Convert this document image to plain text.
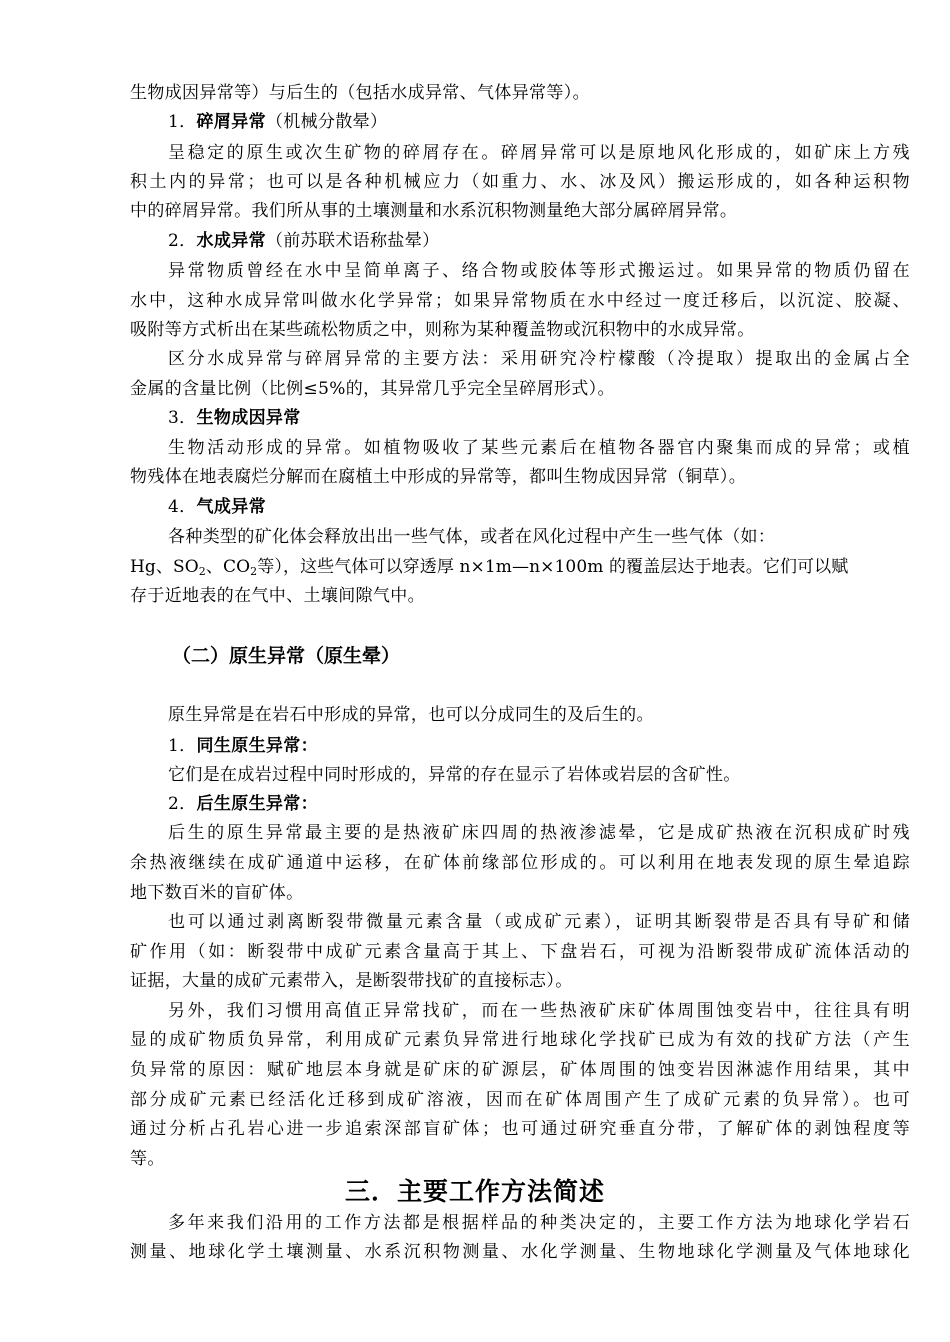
生物成因异常等）与后生的（包括水成异常、气体异常等）。
1．碎屑异常（机械分散晕）
呈稳定的原生或次生矿物的碎屑存在。碎屑异常可以是原地风化形成的，如矿床上方残
积土内的异常；也可以是各种机械应力（如重力、水、冰及风）搬运形成的，如各种运积物
中的碎屑异常。我们所从事的土壤测量和水系沉积物测量绝大部分属碎屑异常。
2．水成异常（前苏联术语称盐晕）
异常物质曾经在水中呈简单离子、络合物或胶体等形式搬运过。如果异常的物质仍留在
水中，这种水成异常叫做水化学异常；如果异常物质在水中经过一度迁移后，以沉淀、胶凝、
吸附等方式析出在某些疏松物质之中，则称为某种覆盖物或沉积物中的水成异常。
区分水成异常与碎屑异常的主要方法：采用研究冷柠檬酸（冷提取）提取出的金属占全
金属的含量比例（比例≤5%的，其异常几乎完全呈碎屑形式）。
3．生物成因异常
生物活动形成的异常。如植物吸收了某些元素后在植物各器官内聚集而成的异常；或植
物残体在地表腐烂分解而在腐植土中形成的异常等，都叫生物成因异常（铜草）。
4．气成异常
各种类型的矿化体会释放出出一些气体，或者在风化过程中产生一些气体（如：
Hg、$SO_2$、$CO_2$等），这些气体可以穿透厚 n×1m—n×100m 的覆盖层达于地表。它们可以赋
存于近地表的在气中、土壤间隙气中。
（二）原生异常（原生晕）
原生异常是在岩石中形成的异常，也可以分成同生的及后生的。
1．同生原生异常：
它们是在成岩过程中同时形成的，异常的存在显示了岩体或岩层的含矿性。
2．后生原生异常：
后生的原生异常最主要的是热液矿床四周的热液渗滤晕，它是成矿热液在沉积成矿时残
余热液继续在成矿通道中运移，在矿体前缘部位形成的。可以利用在地表发现的原生晕追踪
地下数百米的盲矿体。
也可以通过剥离断裂带微量元素含量（或成矿元素），证明其断裂带是否具有导矿和储
矿作用（如：断裂带中成矿元素含量高于其上、下盘岩石，可视为沿断裂带成矿流体活动的
证据，大量的成矿元素带入，是断裂带找矿的直接标志）。
另外，我们习惯用高值正异常找矿，而在一些热液矿床矿体周围蚀变岩中，往往具有明
显的成矿物质负异常，利用成矿元素负异常进行地球化学找矿已成为有效的找矿方法（产生
负异常的原因：赋矿地层本身就是矿床的矿源层，矿体周围的蚀变岩因淋滤作用结果，其中
部分成矿元素已经活化迁移到成矿溶液，因而在矿体周围产生了成矿元素的负异常）。也可
通过分析占孔岩心进一步追索深部盲矿体；也可通过研究垂直分带，了解矿体的剥蚀程度等
等。
三．主要工作方法简述
多年来我们沿用的工作方法都是根据样品的种类决定的，主要工作方法为地球化学岩石
测量、地球化学土壤测量、水系沉积物测量、水化学测量、生物地球化学测量及气体地球化
